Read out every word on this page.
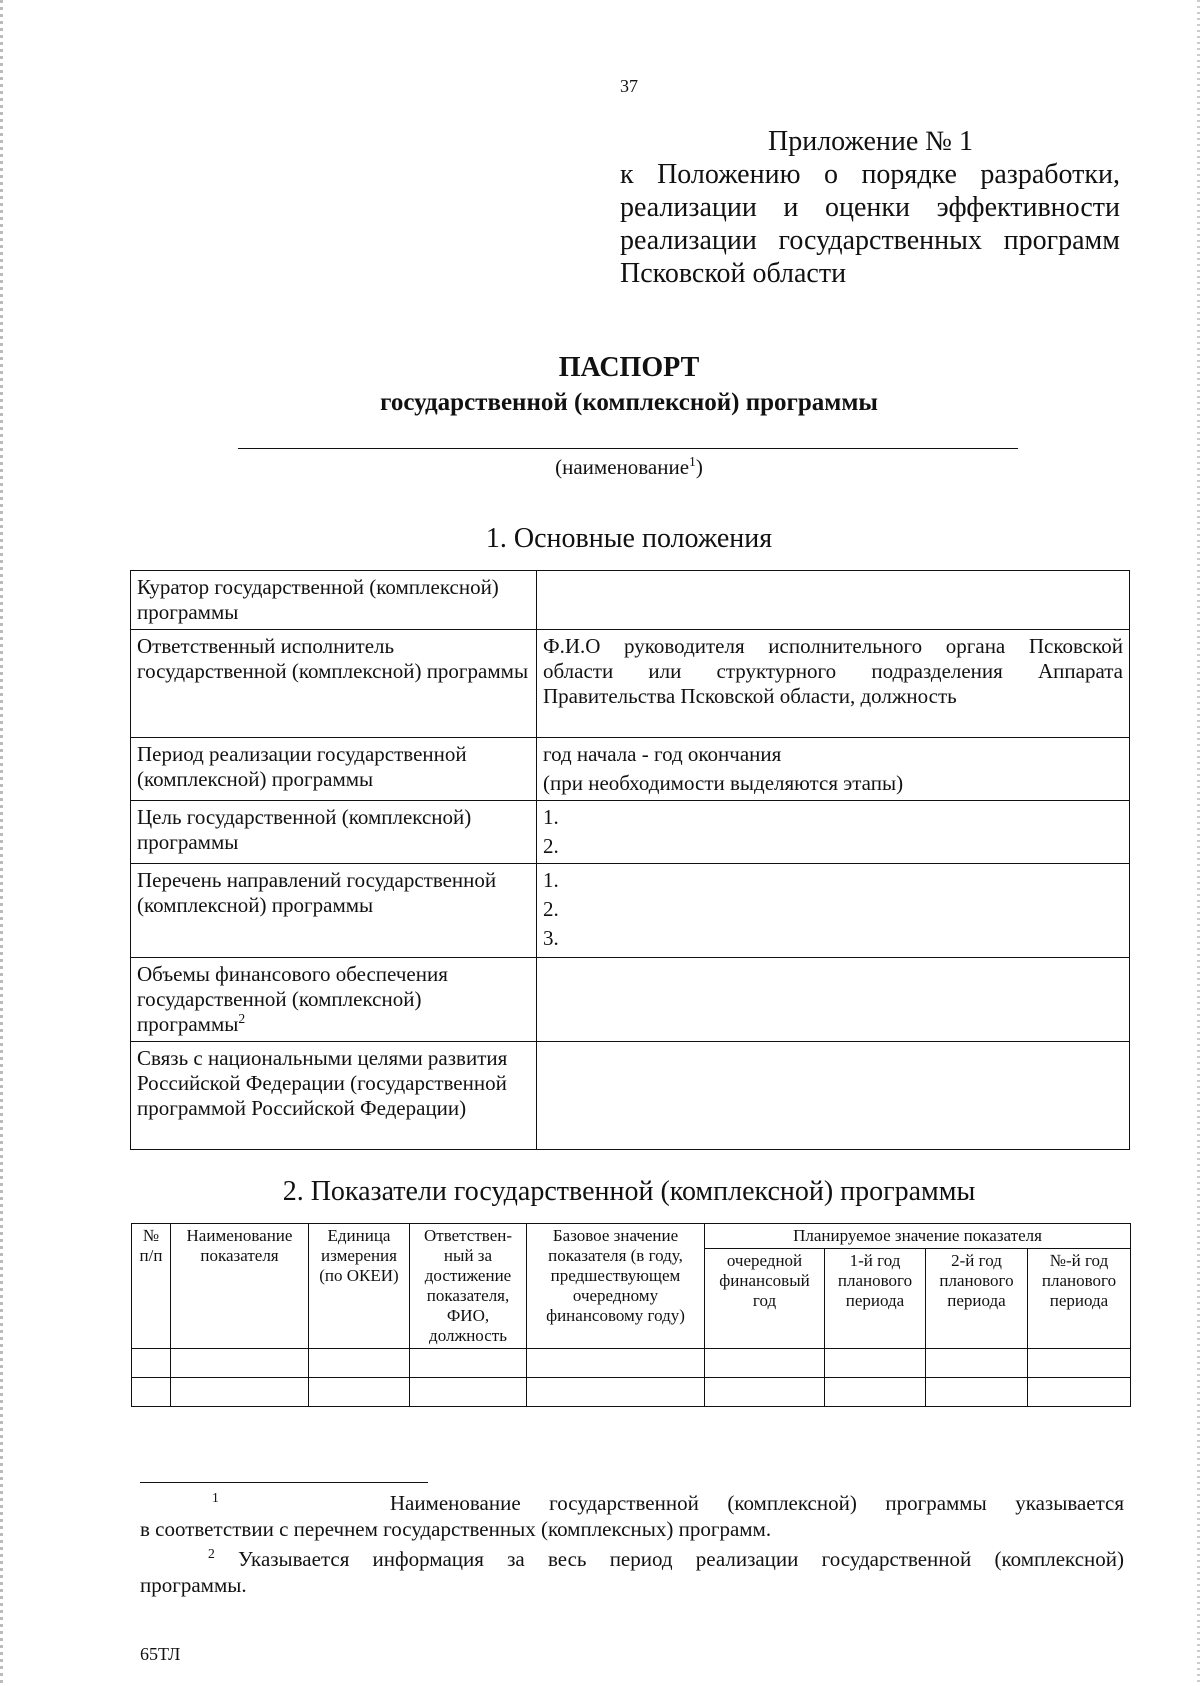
37
Приложение № 1
к Положению о порядке разработки, реализации и оценки эффективности реализации государственных программ Псковской области
ПАСПОРТ
государственной (комплексной) программы
(наименование$^1$)
1. Основные положения
Куратор государственной (комплексной) программы	
Ответственный исполнитель государственной (комплексной) программы	Ф.И.О руководителя исполнительного органа Псковской области или структурного подразделения Аппарата Правительства Псковской области, должность
Период реализации государственной (комплексной) программы	год начала - год окончания
(при необходимости выделяются этапы)

Цель государственной (комплексной) программы	1.
2.

Перечень направлений государственной (комплексной) программы	1.
2.
3.

Объемы финансового обеспечения государственной (комплексной) программы$^2$	
Связь с национальными целями развития Российской Федерации (государственной программой Российской Федерации)	
2. Показатели государственной (комплексной) программы
№ п/п	Наименование показателя	Единица измерения (по ОКЕИ)	Ответствен-ный за достижение показателя, ФИО, должность	Базовое значение показателя (в году, предшествующем очередному финансовому году)	Планируемое значение показателя			
					очередной финансовый год	1-й год планового периода	2-й год планового периода	№-й год планового периода

$^1$	Наименование государственной (комплексной) программы указывается
в соответствии с перечнем государственных (комплексных) программ.
$^2$ Указывается информация за весь период реализации государственной (комплексной)
программы.
65ТЛ
